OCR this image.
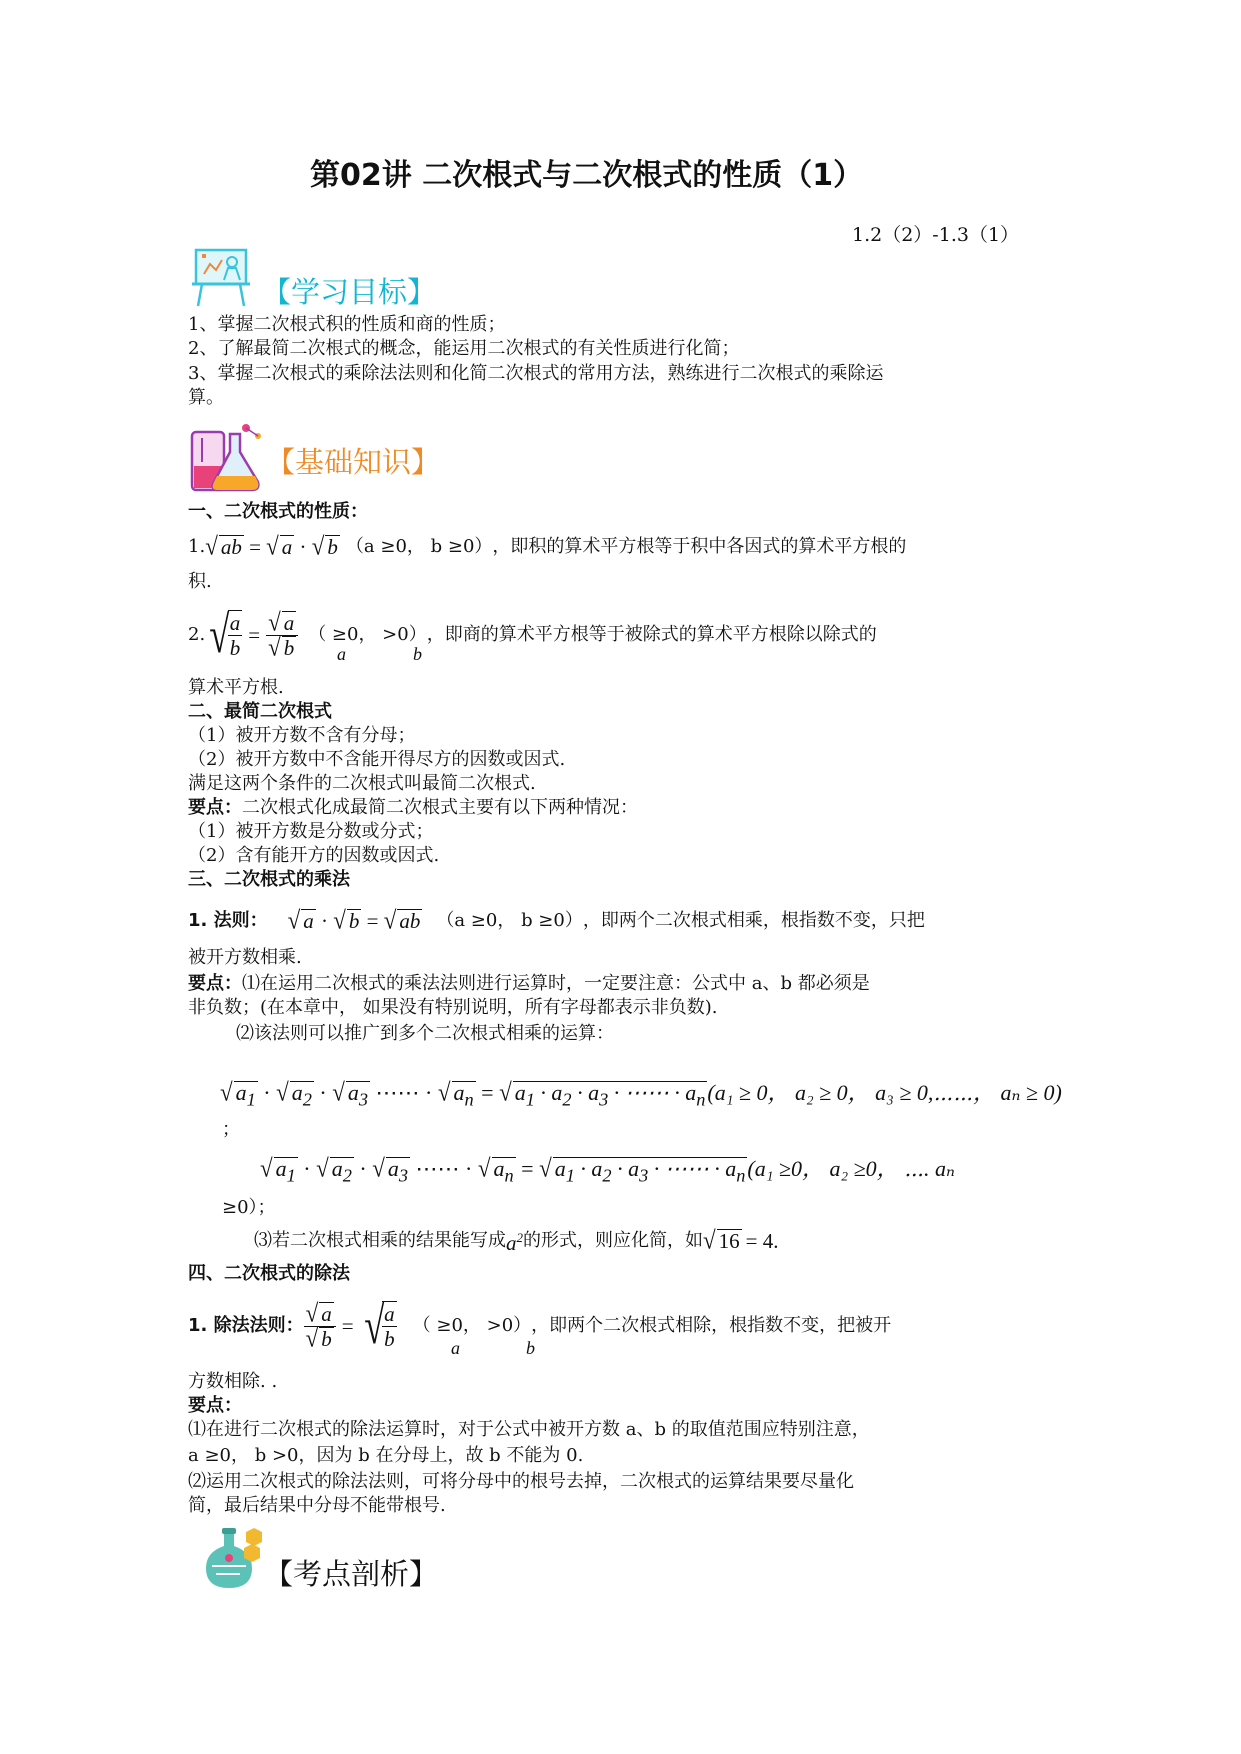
第02讲 二次根式与二次根式的性质（1）
1.2（2）-1.3（1）
【学习目标】
1、掌握二次根式积的性质和商的性质；
2、了解最简二次根式的概念，能运用二次根式的有关性质进行化简；
3、掌握二次根式的乘除法法则和化简二次根式的常用方法，熟练进行二次根式的乘除运
算。
【基础知识】
一、二次根式的性质：
1. √ ab = √ a · √ b （a ≥0， b ≥0） ，即积的算术平方根等于积中各因式的算术平方根的
积.
2. √
$\frac{a}{b} = \frac{√ a}{√ b}$ （ ≥0， >0） ，即商的算术平方根等于被除式的算术平方根除以除式的
a	b
算术平方根.
二、最简二次根式
（1）被开方数不含有分母；
（2）被开方数中不含能开得尽方的因数或因式.
满足这两个条件的二次根式叫最简二次根式.
要点：二次根式化成最简二次根式主要有以下两种情况：
（1）被开方数是分数或分式；
（2）含有能开方的因数或因式.
三、二次根式的乘法
1. 法则： √ a · √ b = √ ab （a ≥0， b ≥0） ，即两个二次根式相乘，根指数不变，只把
被开方数相乘.
要点：⑴在运用二次根式的乘法法则进行运算时，一定要注意：公式中 a、b 都必须是
非负数；(在本章中， 如果没有特别说明，所有字母都表示非负数).
⑵该法则可以推广到多个二次根式相乘的运算：
√ $a_1$ · √ $a_2$ · √ $a_3$ ⋯⋯ · √ $a_n$ = √ $a_1 \cdot a_2 \cdot a_3$ · ⋯⋯ · $a_n(a_1 \ge 0$， a₂ ≥ 0， a₃ ≥ 0,⋯⋯， aₙ ≥ 0)
；
√ $a_1$ · √ $a_2$ · √ $a_3$ ⋯⋯ · √ $a_n$ = √ $a_1 \cdot a_2 \cdot a_3$ · ⋯⋯ · $a_n(a_1 \ge 0$， a₂ ≥0， ⋯. aₙ
≥0）；
⑶若二次根式相乘的结果能写成 $a^2$ 的形式，则应化简，如 √ 16 = 4.
四、二次根式的除法
1. 除法法则： $\frac{√ a}{√ b}$ = √
$\frac{a}{b}$ （ ≥0， >0） ，即两个二次根式相除，根指数不变，把被开
a	b
方数相除. .
要点：
⑴在进行二次根式的除法运算时，对于公式中被开方数 a、b 的取值范围应特别注意，
a ≥0， b >0，因为 b 在分母上，故 b 不能为 0.
⑵运用二次根式的除法法则，可将分母中的根号去掉，二次根式的运算结果要尽量化
简，最后结果中分母不能带根号.
【考点剖析】
